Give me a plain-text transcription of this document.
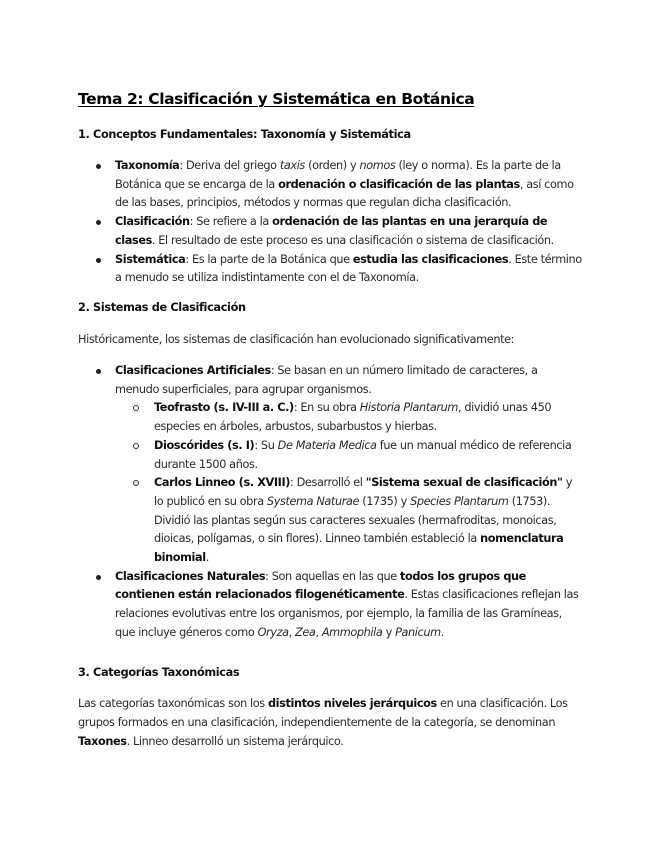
Tema 2: Clasificación y Sistemática en Botánica
1. Conceptos Fundamentales: Taxonomía y Sistemática
Taxonomía: Deriva del griego taxis (orden) y nomos (ley o norma). Es la parte de la Botánica que se encarga de la ordenación o clasificación de las plantas, así como de las bases, principios, métodos y normas que regulan dicha clasificación.
Clasificación: Se refiere a la ordenación de las plantas en una jerarquía de clases. El resultado de este proceso es una clasificación o sistema de clasificación.
Sistemática: Es la parte de la Botánica que estudia las clasificaciones. Este término a menudo se utiliza indistintamente con el de Taxonomía.
2. Sistemas de Clasificación

Históricamente, los sistemas de clasificación han evolucionado significativamente:

Clasificaciones Artificiales: Se basan en un número limitado de caracteres, a menudo superficiales, para agrupar organismos.
Teofrasto (s. IV-III a. C.): En su obra Historia Plantarum, dividió unas 450 especies en árboles, arbustos, subarbustos y hierbas.
Dioscórides (s. I): Su De Materia Medica fue un manual médico de referencia durante 1500 años.
Carlos Linneo (s. XVIII): Desarrolló el "Sistema sexual de clasificación" y lo publicó en su obra Systema Naturae (1735) y Species Plantarum (1753). Dividió las plantas según sus caracteres sexuales (hermafroditas, monoicas, dioicas, polígamas, o sin flores). Linneo también estableció la nomenclatura binomial.
Clasificaciones Naturales: Son aquellas en las que todos los grupos que contienen están relacionados filogenéticamente. Estas clasificaciones reflejan las relaciones evolutivas entre los organismos, por ejemplo, la familia de las Gramíneas, que incluye géneros como Oryza, Zea, Ammophila y Panicum.
3. Categorías Taxonómicas

Las categorías taxonómicas son los distintos niveles jerárquicos en una clasificación. Los grupos formados en una clasificación, independientemente de la categoría, se denominan Taxones. Linneo desarrolló un sistema jerárquico.
